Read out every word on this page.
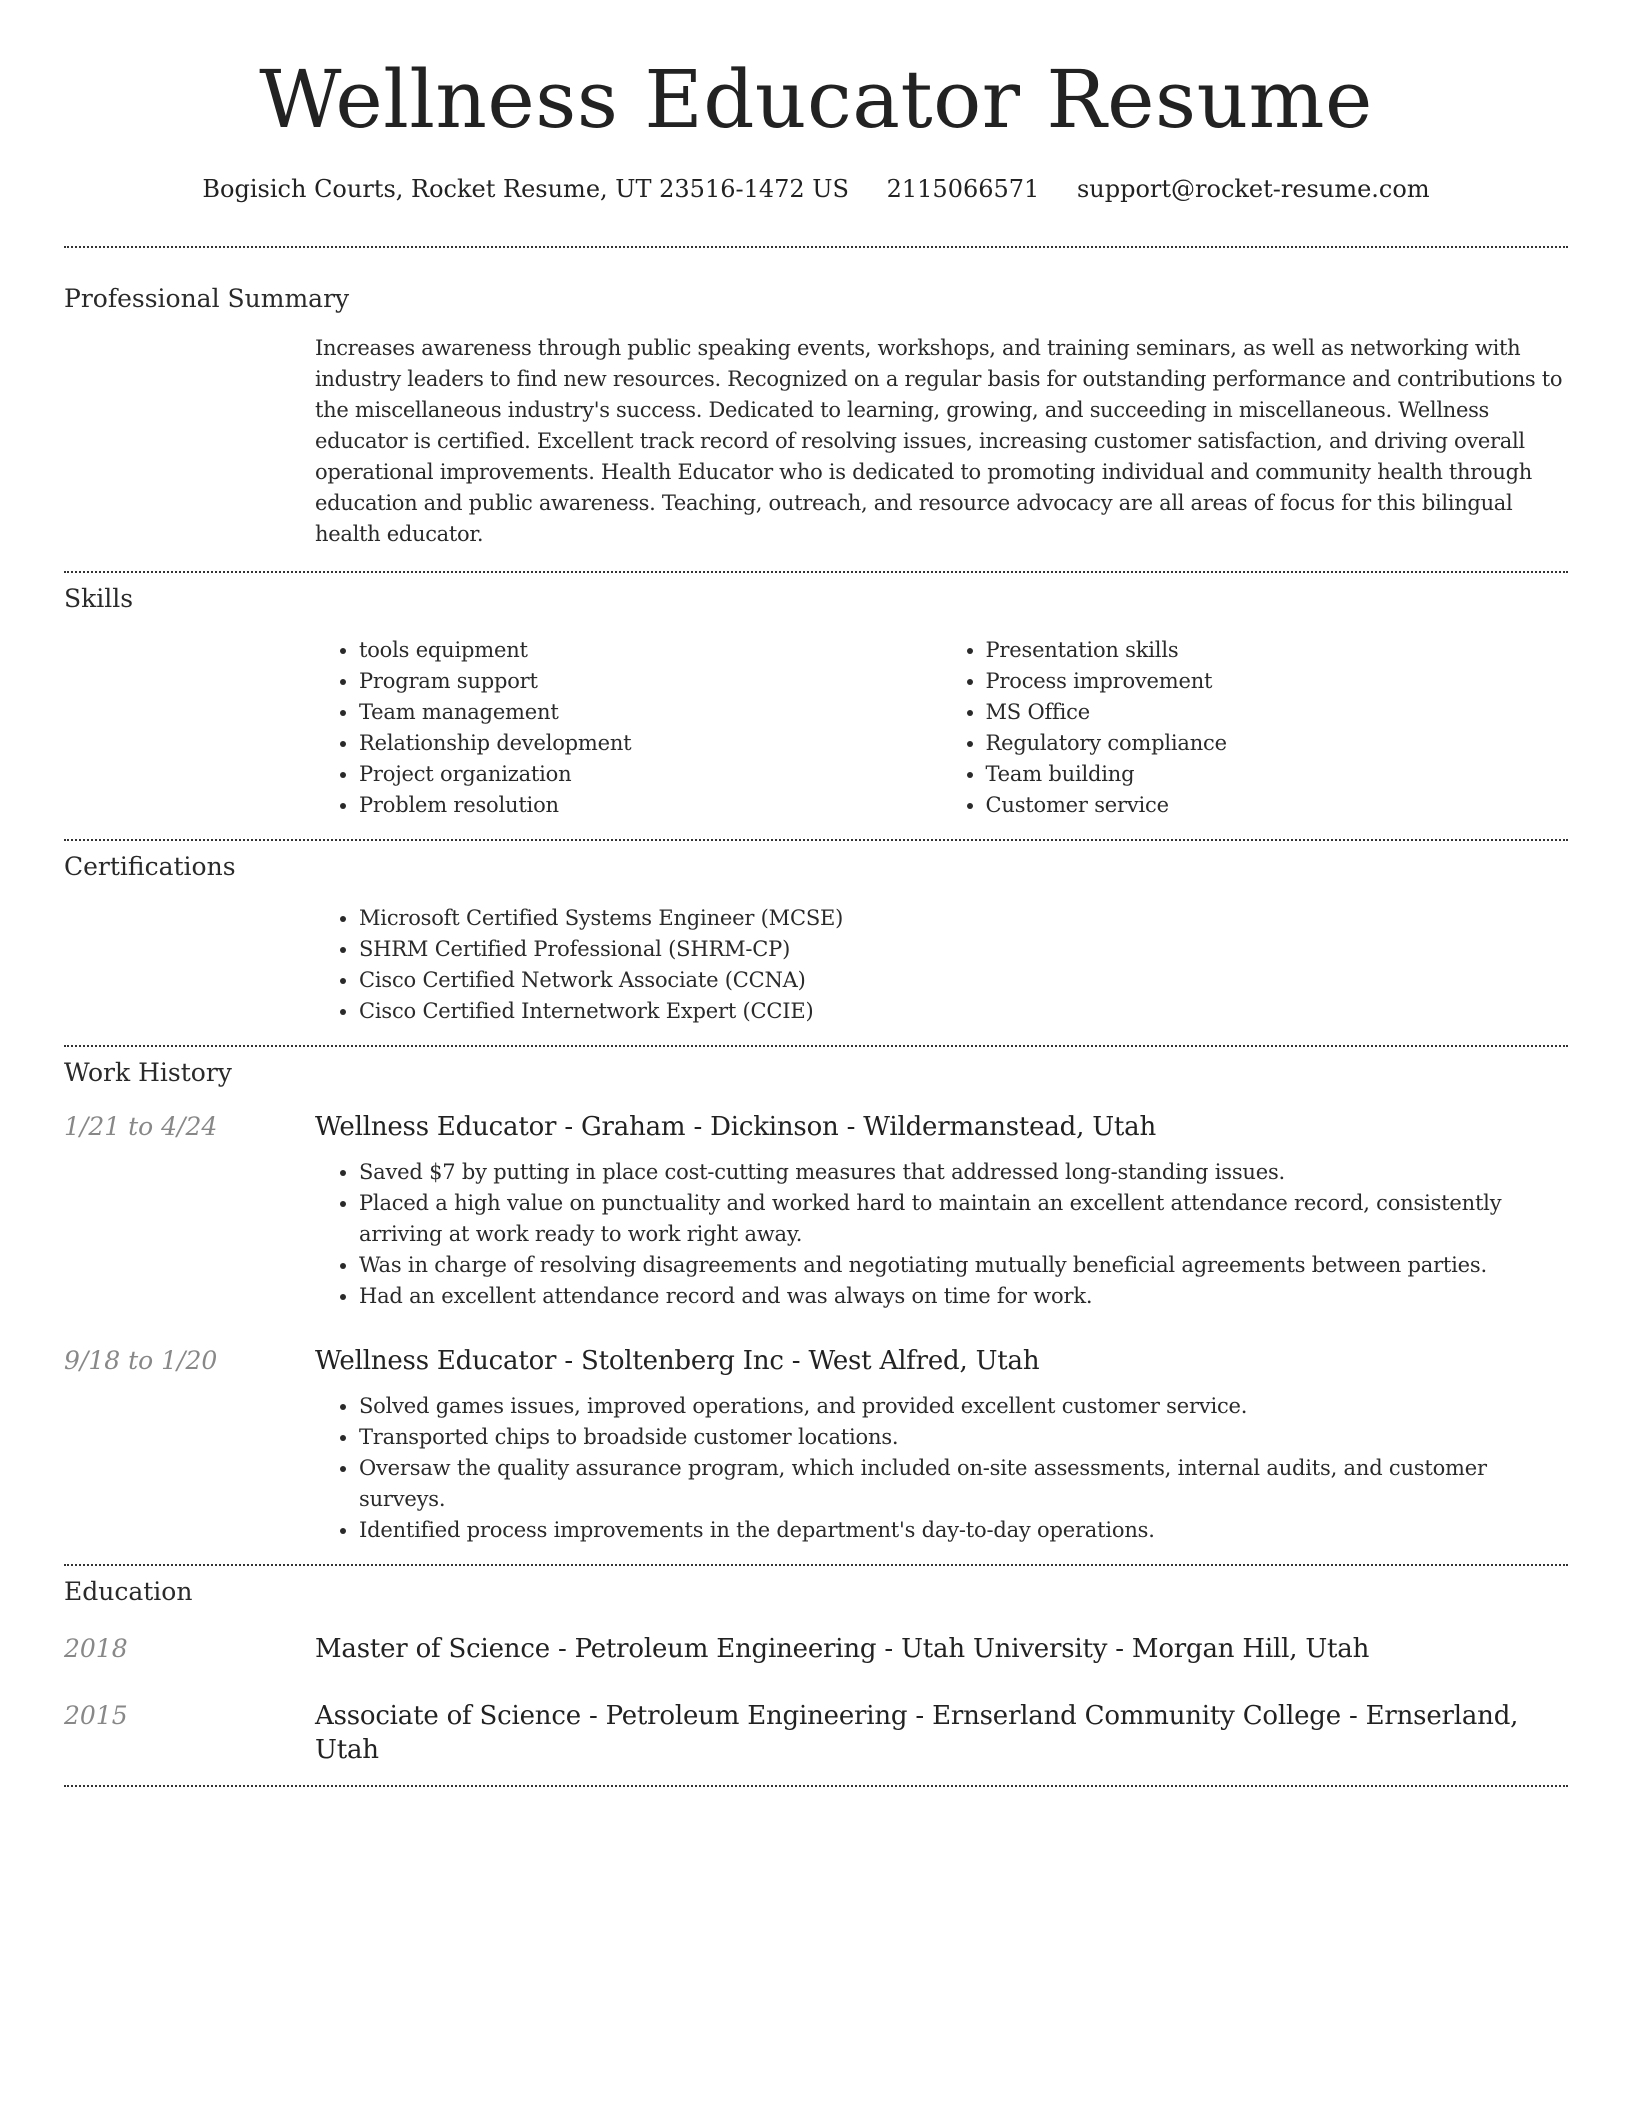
Wellness Educator Resume
Bogisich Courts, Rocket Resume, UT 23516-1472 US 2115066571 support@rocket-resume.com
Professional Summary

Increases awareness through public speaking events, workshops, and training seminars, as well as networking with industry leaders to find new resources. Recognized on a regular basis for outstanding performance and contributions to the miscellaneous industry's success. Dedicated to learning, growing, and succeeding in miscellaneous. Wellness educator is certified. Excellent track record of resolving issues, increasing customer satisfaction, and driving overall operational improvements. Health Educator who is dedicated to promoting individual and community health through education and public awareness. Teaching, outreach, and resource advocacy are all areas of focus for this bilingual health educator.

Skills
• tools equipment
• Program support
• Team management
• Relationship development
• Project organization
• Problem resolution
• Presentation skills
• Process improvement
• MS Office
• Regulatory compliance
• Team building
• Customer service
Certifications
• Microsoft Certified Systems Engineer (MCSE)
• SHRM Certified Professional (SHRM-CP)
• Cisco Certified Network Associate (CCNA)
• Cisco Certified Internetwork Expert (CCIE)
Work History
1/21 to 4/24	Wellness Educator - Graham - Dickinson - Wildermanstead, Utah
• Saved $7 by putting in place cost-cutting measures that addressed long-standing issues.
• Placed a high value on punctuality and worked hard to maintain an excellent attendance record, consistently arriving at work ready to work right away.
• Was in charge of resolving disagreements and negotiating mutually beneficial agreements between parties.
• Had an excellent attendance record and was always on time for work.
9/18 to 1/20	Wellness Educator - Stoltenberg Inc - West Alfred, Utah
• Solved games issues, improved operations, and provided excellent customer service.
• Transported chips to broadside customer locations.
• Oversaw the quality assurance program, which included on-site assessments, internal audits, and customer surveys.
• Identified process improvements in the department's day-to-day operations.
Education
2018	Master of Science - Petroleum Engineering - Utah University - Morgan Hill, Utah
2015	Associate of Science - Petroleum Engineering - Ernserland Community College - Ernserland, Utah
